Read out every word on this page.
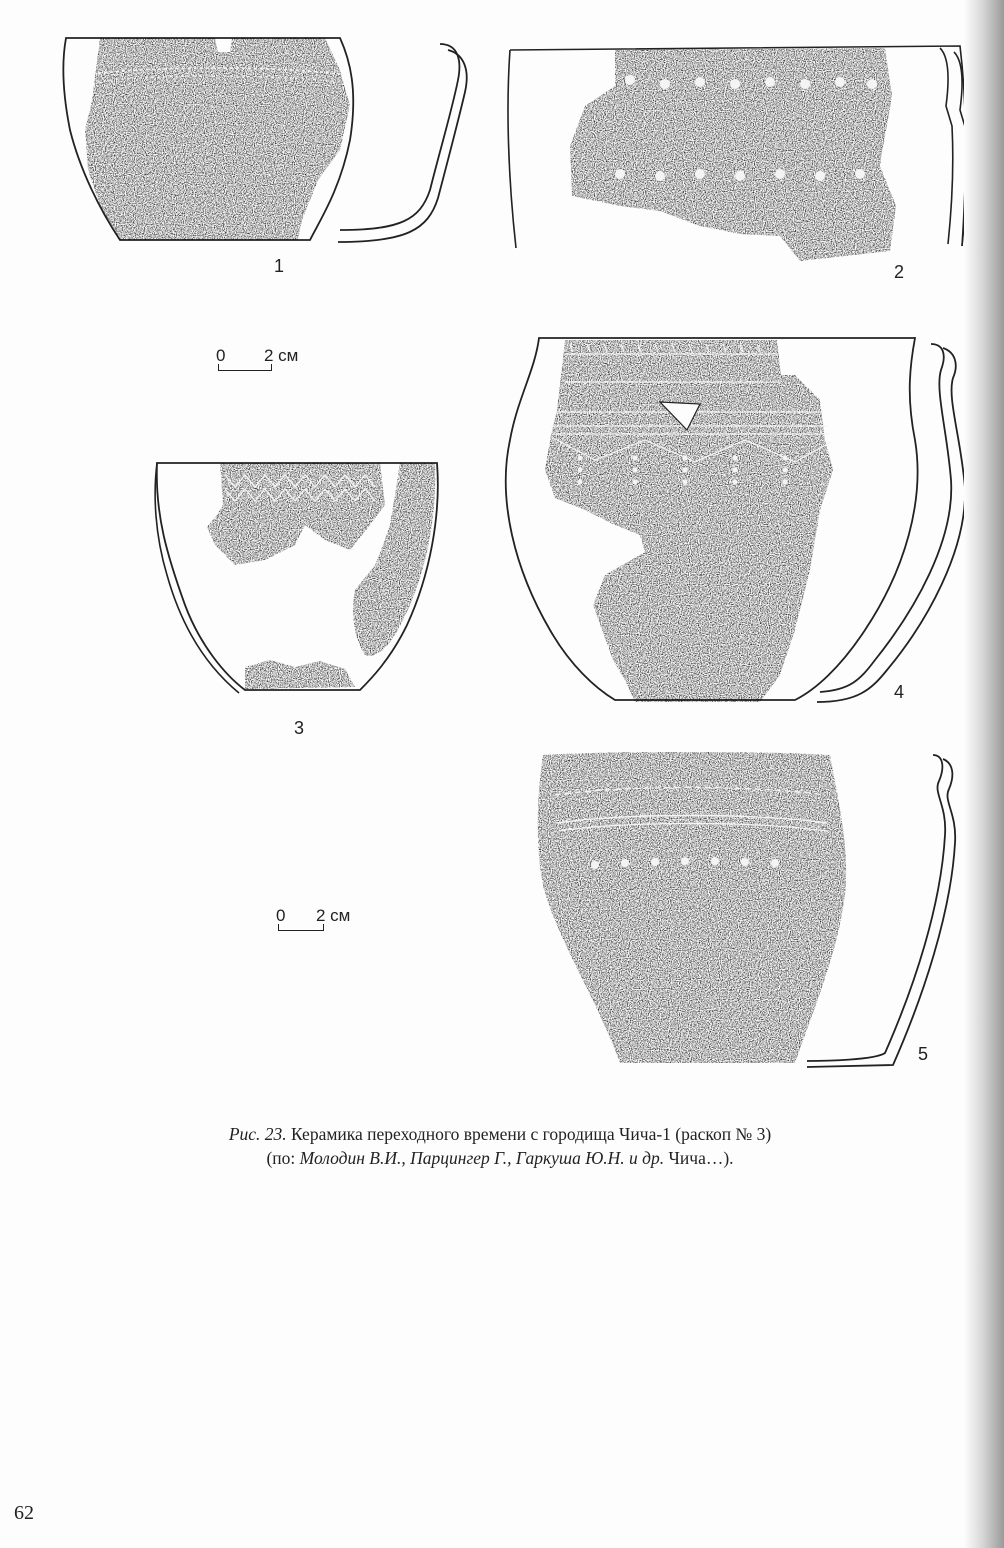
1	2
0 2 см
3
4
0 2 см
5
Рис. 23. Керамика переходного времени с городища Чича-1 (раскоп № 3)
(по: Молодин В.И., Парцингер Г., Гаркуша Ю.Н. и др. Чича…).
62
